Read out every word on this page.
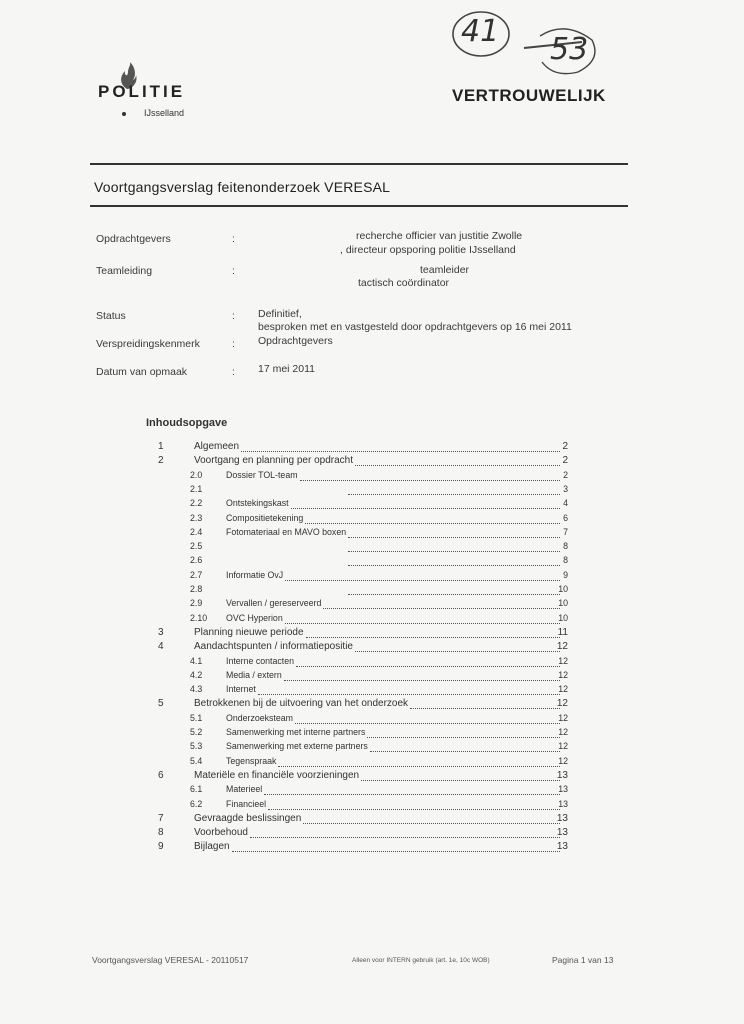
41
53
POLITIE
IJsselland
VERTROUWELIJK
Voortgangsverslag feitenonderzoek VERESAL
Opdrachtgevers	:	recherche officier van justitie Zwolle
, directeur opsporing politie IJsselland
Teamleiding	:	teamleider
tactisch coördinator
Status	: Definitief,
besproken met en vastgesteld door opdrachtgevers op 16 mei 2011
Verspreidingskenmerk	: Opdrachtgevers
Datum van opmaak	: 17 mei 2011
Inhoudsopgave
1	Algemeen	2
2	Voortgang en planning per opdracht	2
2.0	Dossier TOL-team	2
2.1	3
2.2	Ontstekingskast	4
2.3	Compositietekening	6
2.4	Fotomateriaal en MAVO boxen	7
2.5	8
2.6	8
2.7	Informatie OvJ	9
2.8	10
2.9	Vervallen / gereserveerd	10
2.10 OVC Hyperion	10
3	Planning nieuwe periode	11
4	Aandachtspunten / informatiepositie	12
4.1	Interne contacten	12
4.2	Media / extern	12
4.3	Internet	12
5	Betrokkenen bij de uitvoering van het onderzoek	12
5.1	Onderzoeksteam	12
5.2	Samenwerking met interne partners	12
5.3	Samenwerking met externe partners	12
5.4	Tegenspraak	12
6	Materiële en financiële voorzieningen	13
6.1	Materieel	13
6.2	Financieel	13
7	Gevraagde beslissingen	13
8	Voorbehoud	13
9	Bijlagen	13
Voortgangsverslag VERESAL - 20110517	Alleen voor INTERN gebruik (art. 1e, 10c WOB)	Pagina 1 van 13
